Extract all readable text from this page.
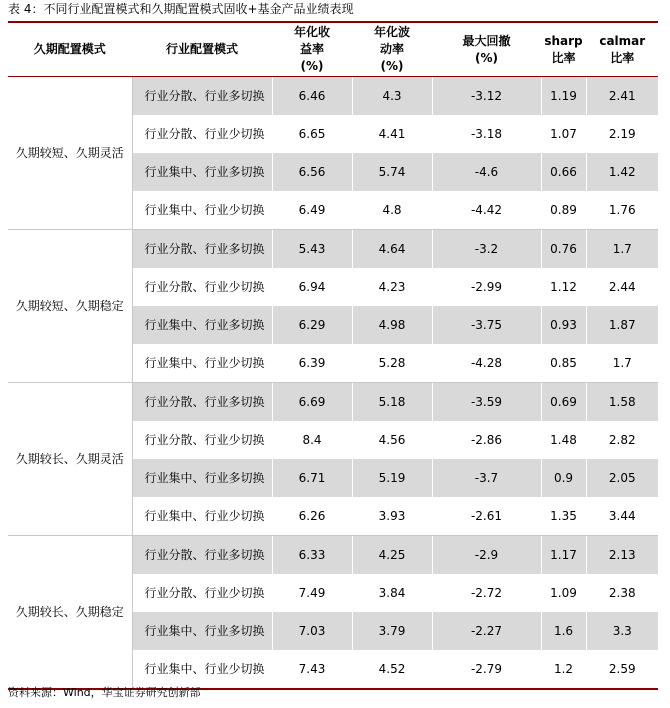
表 4：不同行业配置模式和久期配置模式固收+基金产品业绩表现
久期配置模式	行业配置模式	年化收益率(%)	年化波动率(%)	最大回撤(%)	sharp 比率	calmar 比率
久期较短、久期灵活	行业分散、行业多切换	6.46	4.3	-3.12	1.19	2.41

	行业分散、行业少切换	6.65	4.41	-3.18	1.07	2.19

	行业集中、行业多切换	6.56	5.74	-4.6	0.66	1.42

	行业集中、行业少切换	6.49	4.8	-4.42	0.89	1.76
久期较短、久期稳定	行业分散、行业多切换	5.43	4.64	-3.2	0.76	1.7

	行业分散、行业少切换	6.94	4.23	-2.99	1.12	2.44

	行业集中、行业多切换	6.29	4.98	-3.75	0.93	1.87

	行业集中、行业少切换	6.39	5.28	-4.28	0.85	1.7
久期较长、久期灵活	行业分散、行业多切换	6.69	5.18	-3.59	0.69	1.58

	行业分散、行业少切换	8.4	4.56	-2.86	1.48	2.82

	行业集中、行业多切换	6.71	5.19	-3.7	0.9	2.05

	行业集中、行业少切换	6.26	3.93	-2.61	1.35	3.44
久期较长、久期稳定	行业分散、行业多切换	6.33	4.25	-2.9	1.17	2.13

	行业分散、行业少切换	7.49	3.84	-2.72	1.09	2.38

	行业集中、行业多切换	7.03	3.79	-2.27	1.6	3.3

	行业集中、行业少切换	7.43	4.52	-2.79	1.2	2.59
资料来源：Wind，华宝证券研究创新部
